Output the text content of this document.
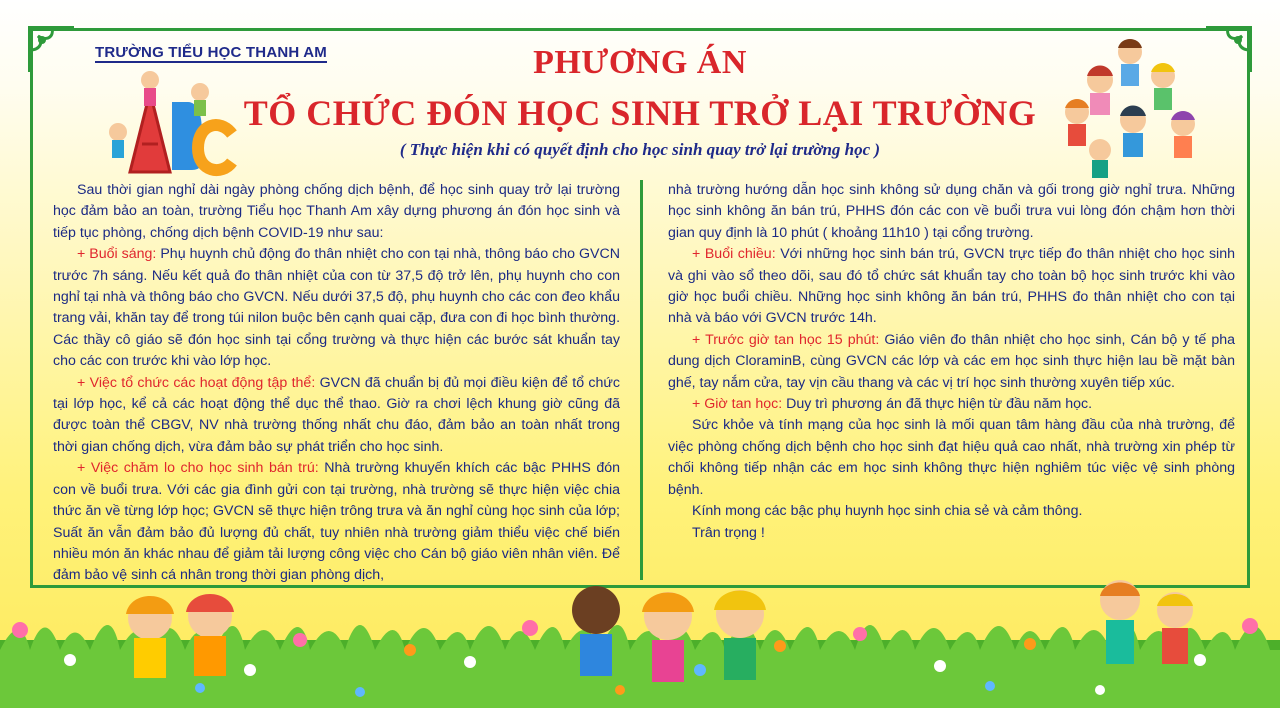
TRƯỜNG TIỂU HỌC THANH AM	PHƯƠNG ÁN
TỔ CHỨC ĐÓN HỌC SINH TRỞ LẠI TRƯỜNG
( Thực hiện khi có quyết định cho học sinh quay trở lại trường học )

Sau thời gian nghỉ dài ngày phòng chống dịch bệnh, để học sinh quay trở lại trường học đảm bảo an toàn, trường Tiểu học Thanh Am xây dựng phương án đón học sinh và tiếp tục phòng, chống dịch bệnh COVID-19 như sau:

+ Buổi sáng: Phụ huynh chủ động đo thân nhiệt cho con tại nhà, thông báo cho GVCN trước 7h sáng. Nếu kết quả đo thân nhiệt của con từ 37,5 độ trở lên, phụ huynh cho con nghỉ tại nhà và thông báo cho GVCN. Nếu dưới 37,5 độ, phụ huynh cho các con đeo khẩu trang vải, khăn tay để trong túi nilon buộc bên cạnh quai cặp, đưa con đi học bình thường. Các thầy cô giáo sẽ đón học sinh tại cổng trường và thực hiện các bước sát khuẩn tay cho các con trước khi vào lớp học.

+ Việc tổ chức các hoạt động tập thể: GVCN đã chuẩn bị đủ mọi điều kiện để tổ chức tại lớp học, kể cả các hoạt động thể dục thể thao. Giờ ra chơi lệch khung giờ cũng đã được toàn thể CBGV, NV nhà trường thống nhất chu đáo, đảm bảo an toàn nhất trong thời gian chống dịch, vừa đảm bảo sự phát triển cho học sinh.

+ Việc chăm lo cho học sinh bán trú: Nhà trường khuyến khích các bậc PHHS đón con về buổi trưa. Với các gia đình gửi con tại trường, nhà trường sẽ thực hiện việc chia thức ăn về từng lớp học; GVCN sẽ thực hiện trông trưa và ăn nghỉ cùng học sinh của lớp; Suất ăn vẫn đảm bảo đủ lượng đủ chất, tuy nhiên nhà trường giảm thiểu việc chế biến nhiều món ăn khác nhau để giảm tải lượng công việc cho Cán bộ giáo viên nhân viên. Để đảm bảo vệ sinh cá nhân trong thời gian phòng dịch,

nhà trường hướng dẫn học sinh không sử dụng chăn và gối trong giờ nghỉ trưa. Những học sinh không ăn bán trú, PHHS đón các con về buổi trưa vui lòng đón chậm hơn thời gian quy định là 10 phút ( khoảng 11h10 ) tại cổng trường.

+ Buổi chiều: Với những học sinh bán trú, GVCN trực tiếp đo thân nhiệt cho học sinh và ghi vào sổ theo dõi, sau đó tổ chức sát khuẩn tay cho toàn bộ học sinh trước khi vào giờ học buổi chiều. Những học sinh không ăn bán trú, PHHS đo thân nhiệt cho con tại nhà và báo với GVCN trước 14h.

+ Trước giờ tan học 15 phút: Giáo viên đo thân nhiệt cho học sinh, Cán bộ y tế pha dung dịch CloraminB, cùng GVCN các lớp và các em học sinh thực hiện lau bề mặt bàn ghế, tay nắm cửa, tay vịn cầu thang và các vị trí học sinh thường xuyên tiếp xúc.

+ Giờ tan học: Duy trì phương án đã thực hiện từ đầu năm học.

Sức khỏe và tính mạng của học sinh là mối quan tâm hàng đầu của nhà trường, để việc phòng chống dịch bệnh cho học sinh đạt hiệu quả cao nhất, nhà trường xin phép từ chối không tiếp nhận các em học sinh không thực hiện nghiêm túc việc vệ sinh phòng bệnh.

Kính mong các bậc phụ huynh học sinh chia sẻ và cảm thông.

Trân trọng !
